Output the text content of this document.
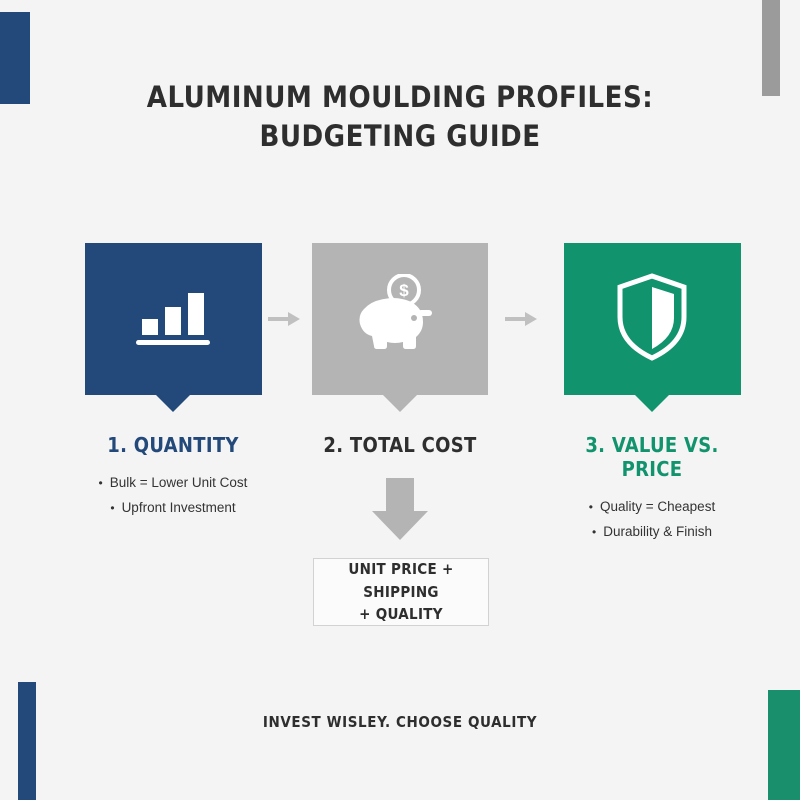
ALUMINUM MOULDING PROFILES:
BUDGETING GUIDE
1. QUANTITY
• Bulk = Lower Unit Cost
• Upfront Investment
$
2. TOTAL COST	3. VALUE VS. PRICE
• Quality = Cheapest
• Durability & Finish
UNIT PRICE + SHIPPING
+ QUALITY
INVEST WISLEY. CHOOSE QUALITY
